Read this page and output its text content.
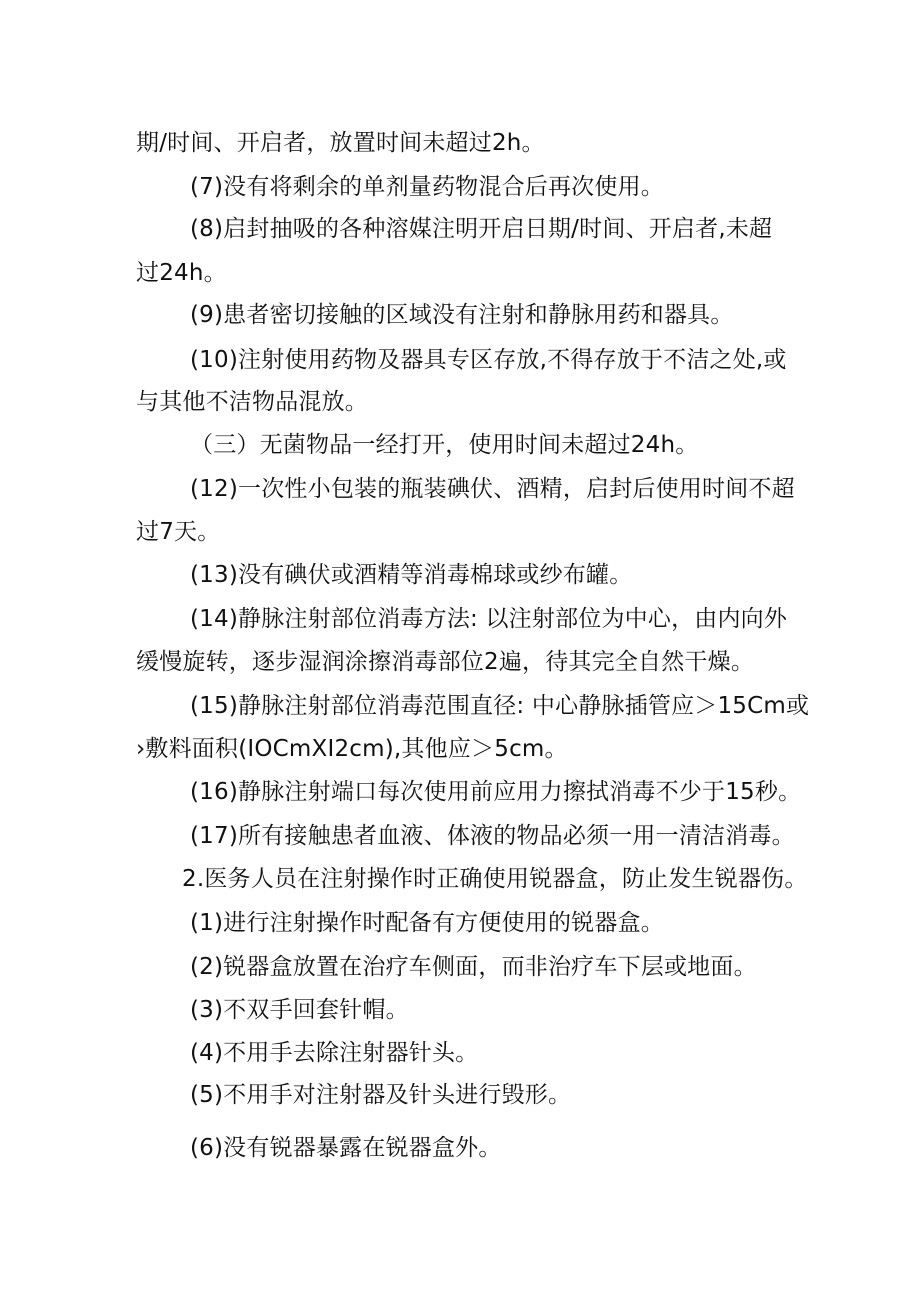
期/时间、开启者，放置时间未超过2h。
(7)没有将剩余的单剂量药物混合后再次使用。
(8)启封抽吸的各种溶媒注明开启日期/时间、开启者,未超
过24h。
(9)患者密切接触的区域没有注射和静脉用药和器具。
(10)注射使用药物及器具专区存放,不得存放于不洁之处,或
与其他不洁物品混放。
（三）无菌物品一经打开，使用时间未超过24h。
(12)一次性小包装的瓶装碘伏、酒精，启封后使用时间不超
过7天。
(13)没有碘伏或酒精等消毒棉球或纱布罐。
(14)静脉注射部位消毒方法: 以注射部位为中心，由内向外
缓慢旋转，逐步湿润涂擦消毒部位2遍，待其完全自然干燥。
(15)静脉注射部位消毒范围直径: 中心静脉插管应＞15Cm或
›敷料面积(IOCmXI2cm),其他应＞5cm。
(16)静脉注射端口每次使用前应用力擦拭消毒不少于15秒。
(17)所有接触患者血液、体液的物品必须一用一清洁消毒。
2.医务人员在注射操作时正确使用锐器盒，防止发生锐器伤。
(1)进行注射操作时配备有方便使用的锐器盒。
(2)锐器盒放置在治疗车侧面，而非治疗车下层或地面。
(3)不双手回套针帽。
(4)不用手去除注射器针头。
(5)不用手对注射器及针头进行毁形。
(6)没有锐器暴露在锐器盒外。
